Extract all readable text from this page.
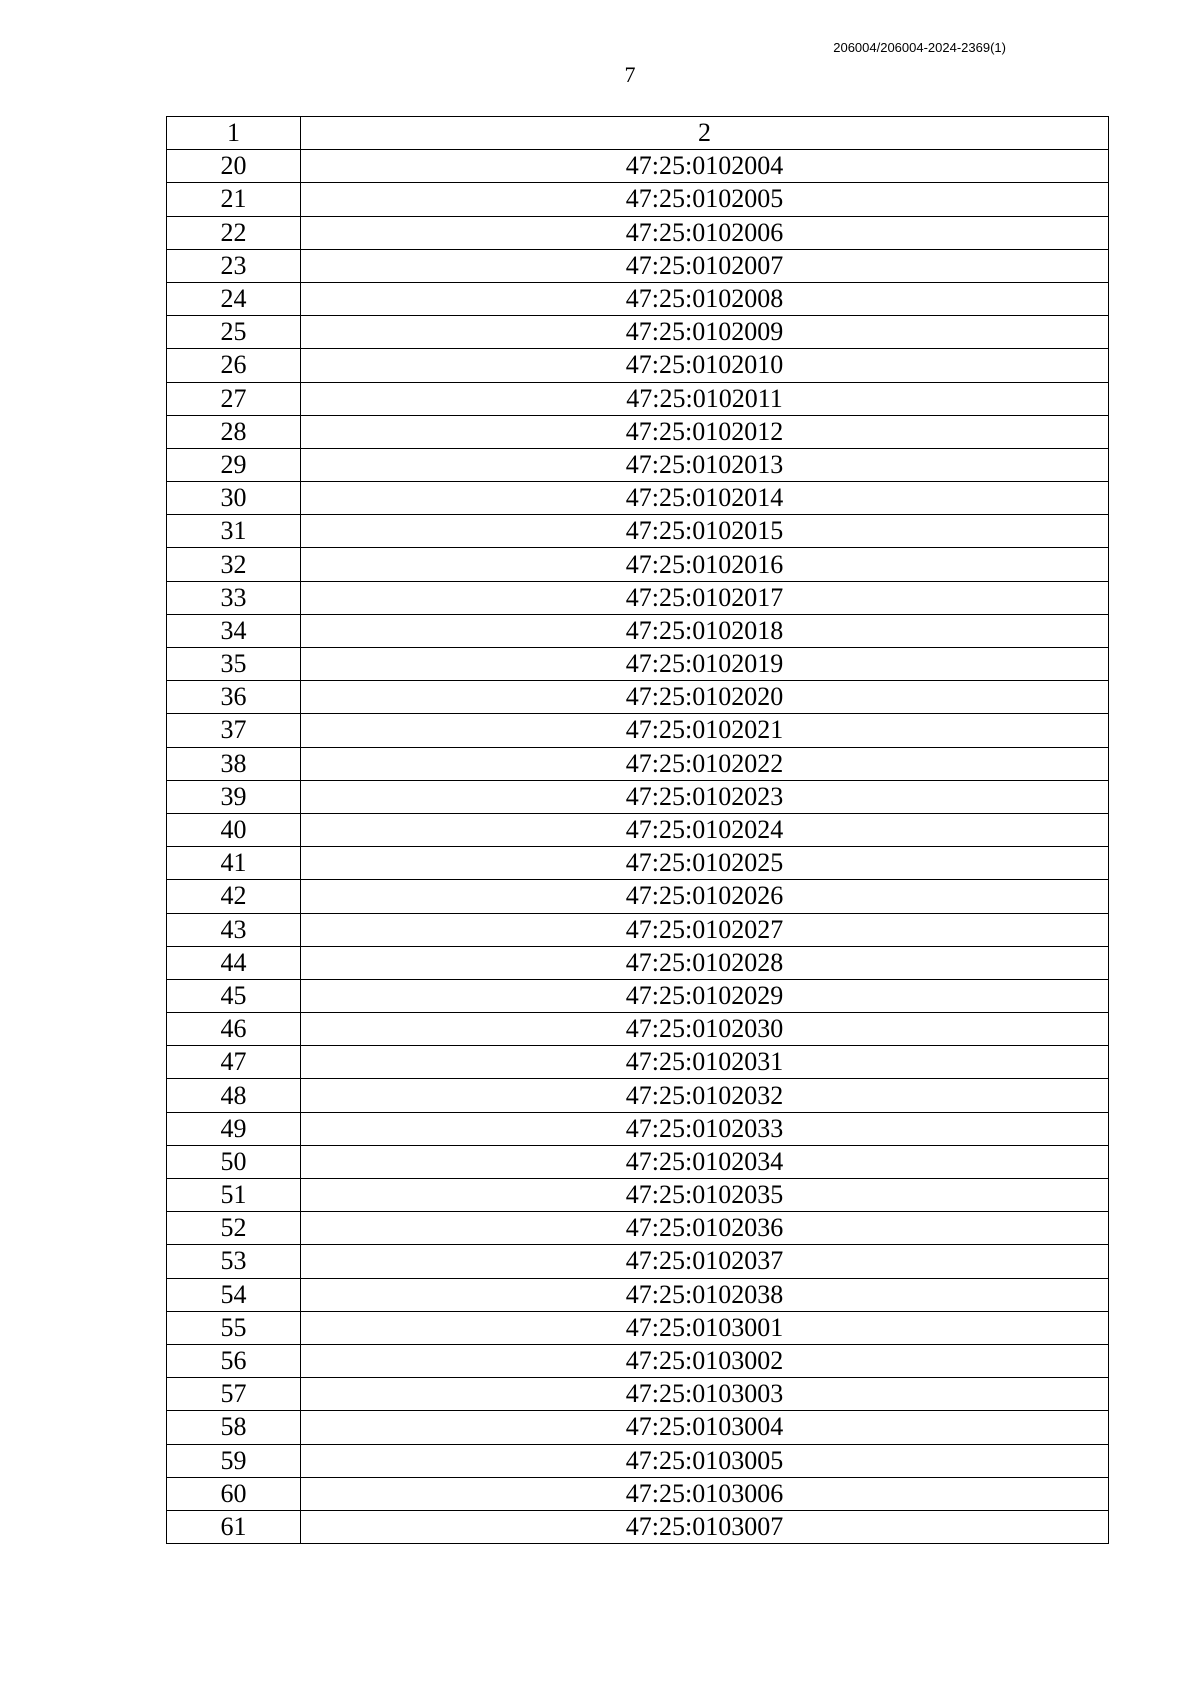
206004/206004-2024-2369(1)
7
1	2
20	47:25:0102004
21	47:25:0102005
22	47:25:0102006
23	47:25:0102007
24	47:25:0102008
25	47:25:0102009
26	47:25:0102010
27	47:25:0102011
28	47:25:0102012
29	47:25:0102013
30	47:25:0102014
31	47:25:0102015
32	47:25:0102016
33	47:25:0102017
34	47:25:0102018
35	47:25:0102019
36	47:25:0102020
37	47:25:0102021
38	47:25:0102022
39	47:25:0102023
40	47:25:0102024
41	47:25:0102025
42	47:25:0102026
43	47:25:0102027
44	47:25:0102028
45	47:25:0102029
46	47:25:0102030
47	47:25:0102031
48	47:25:0102032
49	47:25:0102033
50	47:25:0102034
51	47:25:0102035
52	47:25:0102036
53	47:25:0102037
54	47:25:0102038
55	47:25:0103001
56	47:25:0103002
57	47:25:0103003
58	47:25:0103004
59	47:25:0103005
60	47:25:0103006
61	47:25:0103007
